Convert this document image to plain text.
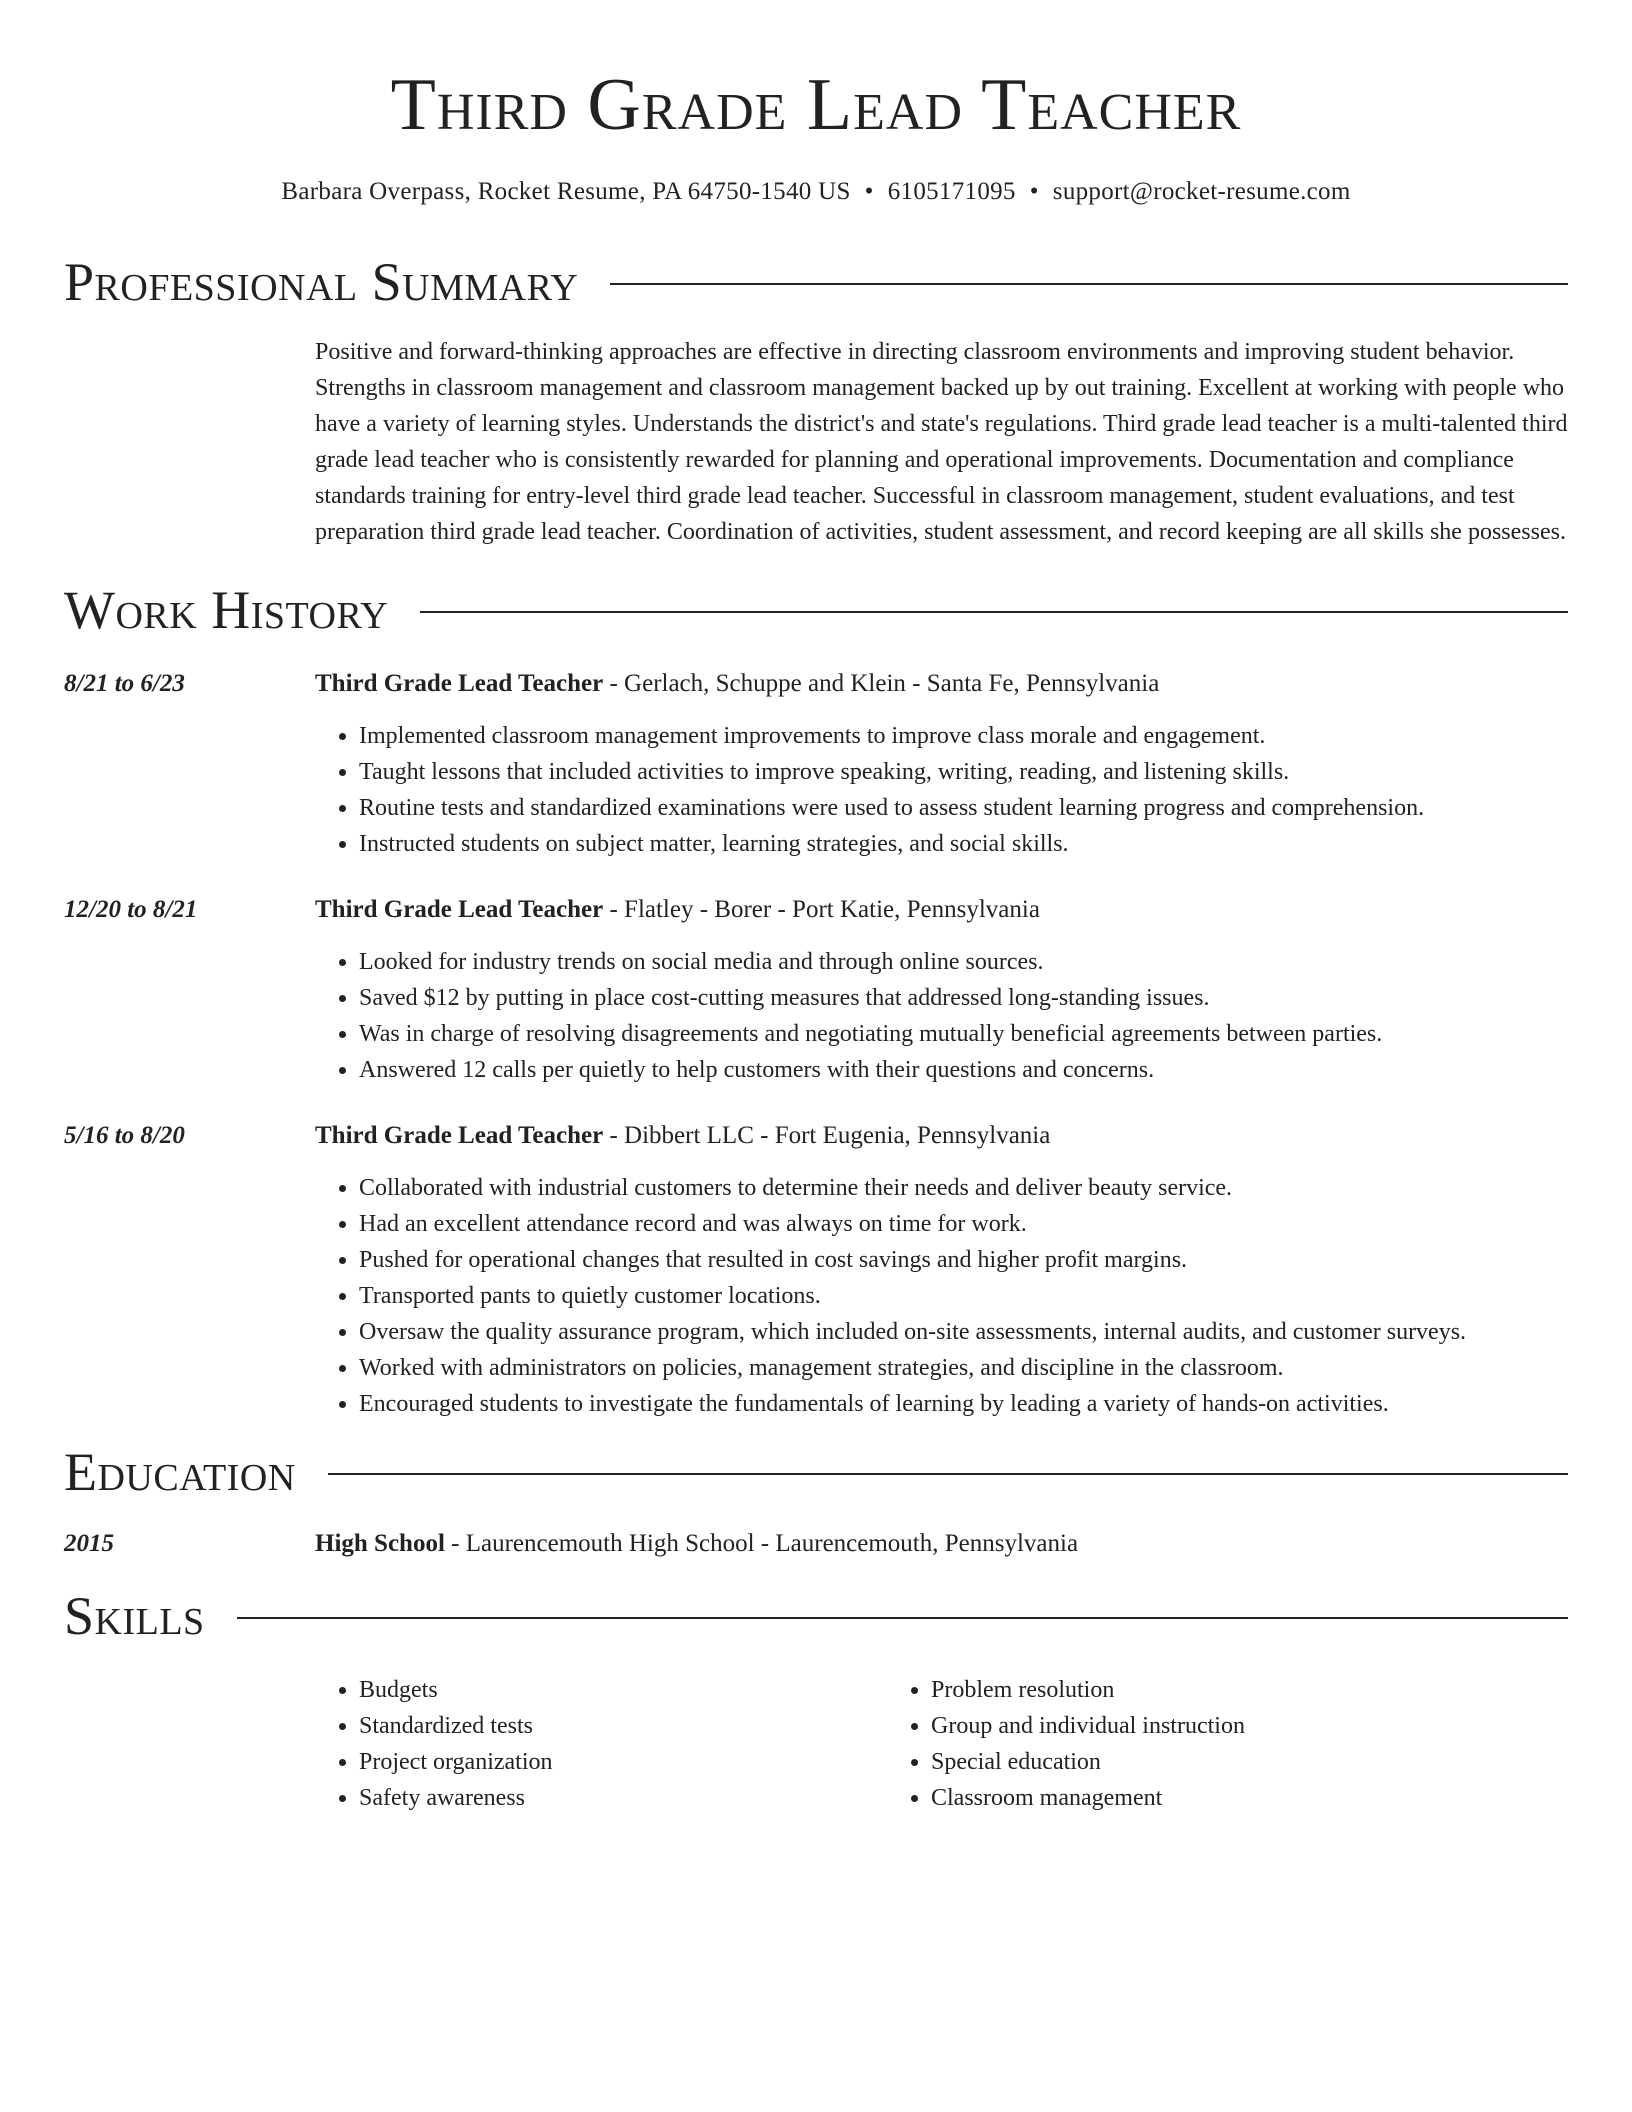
Third Grade Lead Teacher
Barbara Overpass, Rocket Resume, PA 64750-1540 US • 6105171095 • support@rocket-resume.com
Professional Summary
Positive and forward-thinking approaches are effective in directing classroom environments and improving student behavior. Strengths in classroom management and classroom management backed up by out training. Excellent at working with people who have a variety of learning styles. Understands the district's and state's regulations. Third grade lead teacher is a multi-talented third grade lead teacher who is consistently rewarded for planning and operational improvements. Documentation and compliance standards training for entry-level third grade lead teacher. Successful in classroom management, student evaluations, and test preparation third grade lead teacher. Coordination of activities, student assessment, and record keeping are all skills she possesses.
Work History
8/21 to 6/23	Third Grade Lead Teacher - Gerlach, Schuppe and Klein - Santa Fe, Pennsylvania
• Implemented classroom management improvements to improve class morale and engagement.
• Taught lessons that included activities to improve speaking, writing, reading, and listening skills.
• Routine tests and standardized examinations were used to assess student learning progress and comprehension.
• Instructed students on subject matter, learning strategies, and social skills.
12/20 to 8/21	Third Grade Lead Teacher - Flatley - Borer - Port Katie, Pennsylvania
• Looked for industry trends on social media and through online sources.
• Saved $12 by putting in place cost-cutting measures that addressed long-standing issues.
• Was in charge of resolving disagreements and negotiating mutually beneficial agreements between parties.
• Answered 12 calls per quietly to help customers with their questions and concerns.
5/16 to 8/20	Third Grade Lead Teacher - Dibbert LLC - Fort Eugenia, Pennsylvania
• Collaborated with industrial customers to determine their needs and deliver beauty service.
• Had an excellent attendance record and was always on time for work.
• Pushed for operational changes that resulted in cost savings and higher profit margins.
• Transported pants to quietly customer locations.
• Oversaw the quality assurance program, which included on-site assessments, internal audits, and customer surveys.
• Worked with administrators on policies, management strategies, and discipline in the classroom.
• Encouraged students to investigate the fundamentals of learning by leading a variety of hands-on activities.
Education
2015	High School - Laurencemouth High School - Laurencemouth, Pennsylvania
Skills
• Budgets
• Standardized tests
• Project organization
• Safety awareness
• Problem resolution
• Group and individual instruction
• Special education
• Classroom management
